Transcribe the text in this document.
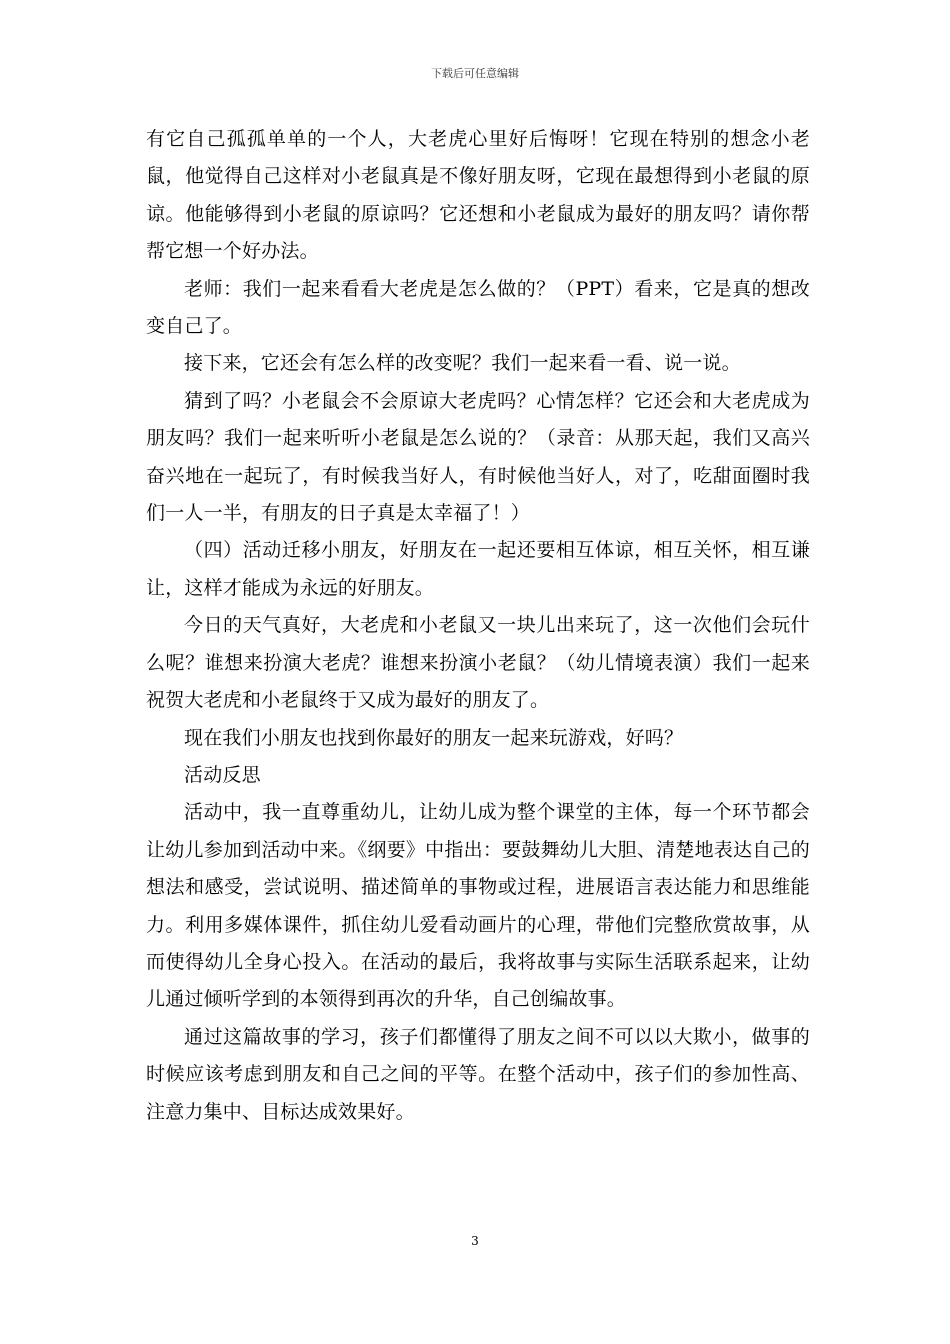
下载后可任意编辑

有它自己孤孤单单的一个人，大老虎心里好后悔呀！它现在特别的想念小老鼠，他觉得自己这样对小老鼠真是不像好朋友呀，它现在最想得到小老鼠的原谅。他能够得到小老鼠的原谅吗？它还想和小老鼠成为最好的朋友吗？请你帮帮它想一个好办法。

老师：我们一起来看看大老虎是怎么做的？（PPT）看来，它是真的想改变自己了。

接下来，它还会有怎么样的改变呢？我们一起来看一看、说一说。

猜到了吗？小老鼠会不会原谅大老虎吗？心情怎样？它还会和大老虎成为朋友吗？我们一起来听听小老鼠是怎么说的？（录音：从那天起，我们又高兴奋兴地在一起玩了，有时候我当好人，有时候他当好人，对了，吃甜面圈时我们一人一半，有朋友的日子真是太幸福了！）

（四）活动迁移小朋友，好朋友在一起还要相互体谅，相互关怀，相互谦让，这样才能成为永远的好朋友。

今日的天气真好，大老虎和小老鼠又一块儿出来玩了，这一次他们会玩什么呢？谁想来扮演大老虎？谁想来扮演小老鼠？（幼儿情境表演）我们一起来祝贺大老虎和小老鼠终于又成为最好的朋友了。

现在我们小朋友也找到你最好的朋友一起来玩游戏，好吗？

活动反思

活动中，我一直尊重幼儿，让幼儿成为整个课堂的主体，每一个环节都会让幼儿参加到活动中来。《纲要》中指出：要鼓舞幼儿大胆、清楚地表达自己的想法和感受，尝试说明、描述简单的事物或过程，进展语言表达能力和思维能力。利用多媒体课件，抓住幼儿爱看动画片的心理，带他们完整欣赏故事，从而使得幼儿全身心投入。在活动的最后，我将故事与实际生活联系起来，让幼儿通过倾听学到的本领得到再次的升华，自己创编故事。

通过这篇故事的学习，孩子们都懂得了朋友之间不可以以大欺小，做事的时候应该考虑到朋友和自己之间的平等。在整个活动中，孩子们的参加性高、注意力集中、目标达成效果好。

3
